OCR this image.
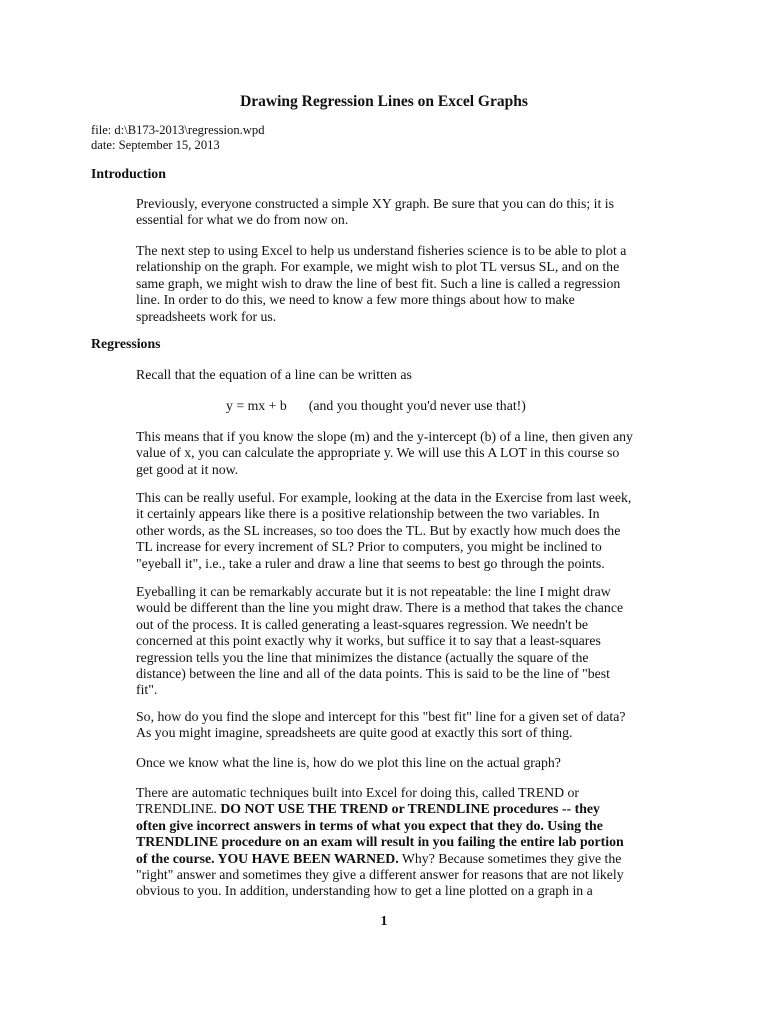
Drawing Regression Lines on Excel Graphs
file: d:\B173-2013\regression.wpd
date: September 15, 2013
Introduction

Previously, everyone constructed a simple XY graph. Be sure that you can do this; it is
essential for what we do from now on.

The next step to using Excel to help us understand fisheries science is to be able to plot a
relationship on the graph. For example, we might wish to plot TL versus SL, and on the
same graph, we might wish to draw the line of best fit. Such a line is called a regression
line. In order to do this, we need to know a few more things about how to make
spreadsheets work for us.

Regressions

Recall that the equation of a line can be written as

y = mx + b (and you thought you'd never use that!)

This means that if you know the slope (m) and the y-intercept (b) of a line, then given any
value of x, you can calculate the appropriate y. We will use this A LOT in this course so
get good at it now.

This can be really useful. For example, looking at the data in the Exercise from last week,
it certainly appears like there is a positive relationship between the two variables. In
other words, as the SL increases, so too does the TL. But by exactly how much does the
TL increase for every increment of SL? Prior to computers, you might be inclined to
"eyeball it", i.e., take a ruler and draw a line that seems to best go through the points.

Eyeballing it can be remarkably accurate but it is not repeatable: the line I might draw
would be different than the line you might draw. There is a method that takes the chance
out of the process. It is called generating a least-squares regression. We needn't be
concerned at this point exactly why it works, but suffice it to say that a least-squares
regression tells you the line that minimizes the distance (actually the square of the
distance) between the line and all of the data points. This is said to be the line of "best
fit".

So, how do you find the slope and intercept for this "best fit" line for a given set of data?
As you might imagine, spreadsheets are quite good at exactly this sort of thing.

Once we know what the line is, how do we plot this line on the actual graph?

There are automatic techniques built into Excel for doing this, called TREND or
TRENDLINE. DO NOT USE THE TREND or TRENDLINE procedures -- they
often give incorrect answers in terms of what you expect that they do. Using the
TRENDLINE procedure on an exam will result in you failing the entire lab portion
of the course. YOU HAVE BEEN WARNED. Why? Because sometimes they give the
"right" answer and sometimes they give a different answer for reasons that are not likely
obvious to you. In addition, understanding how to get a line plotted on a graph in a

1
